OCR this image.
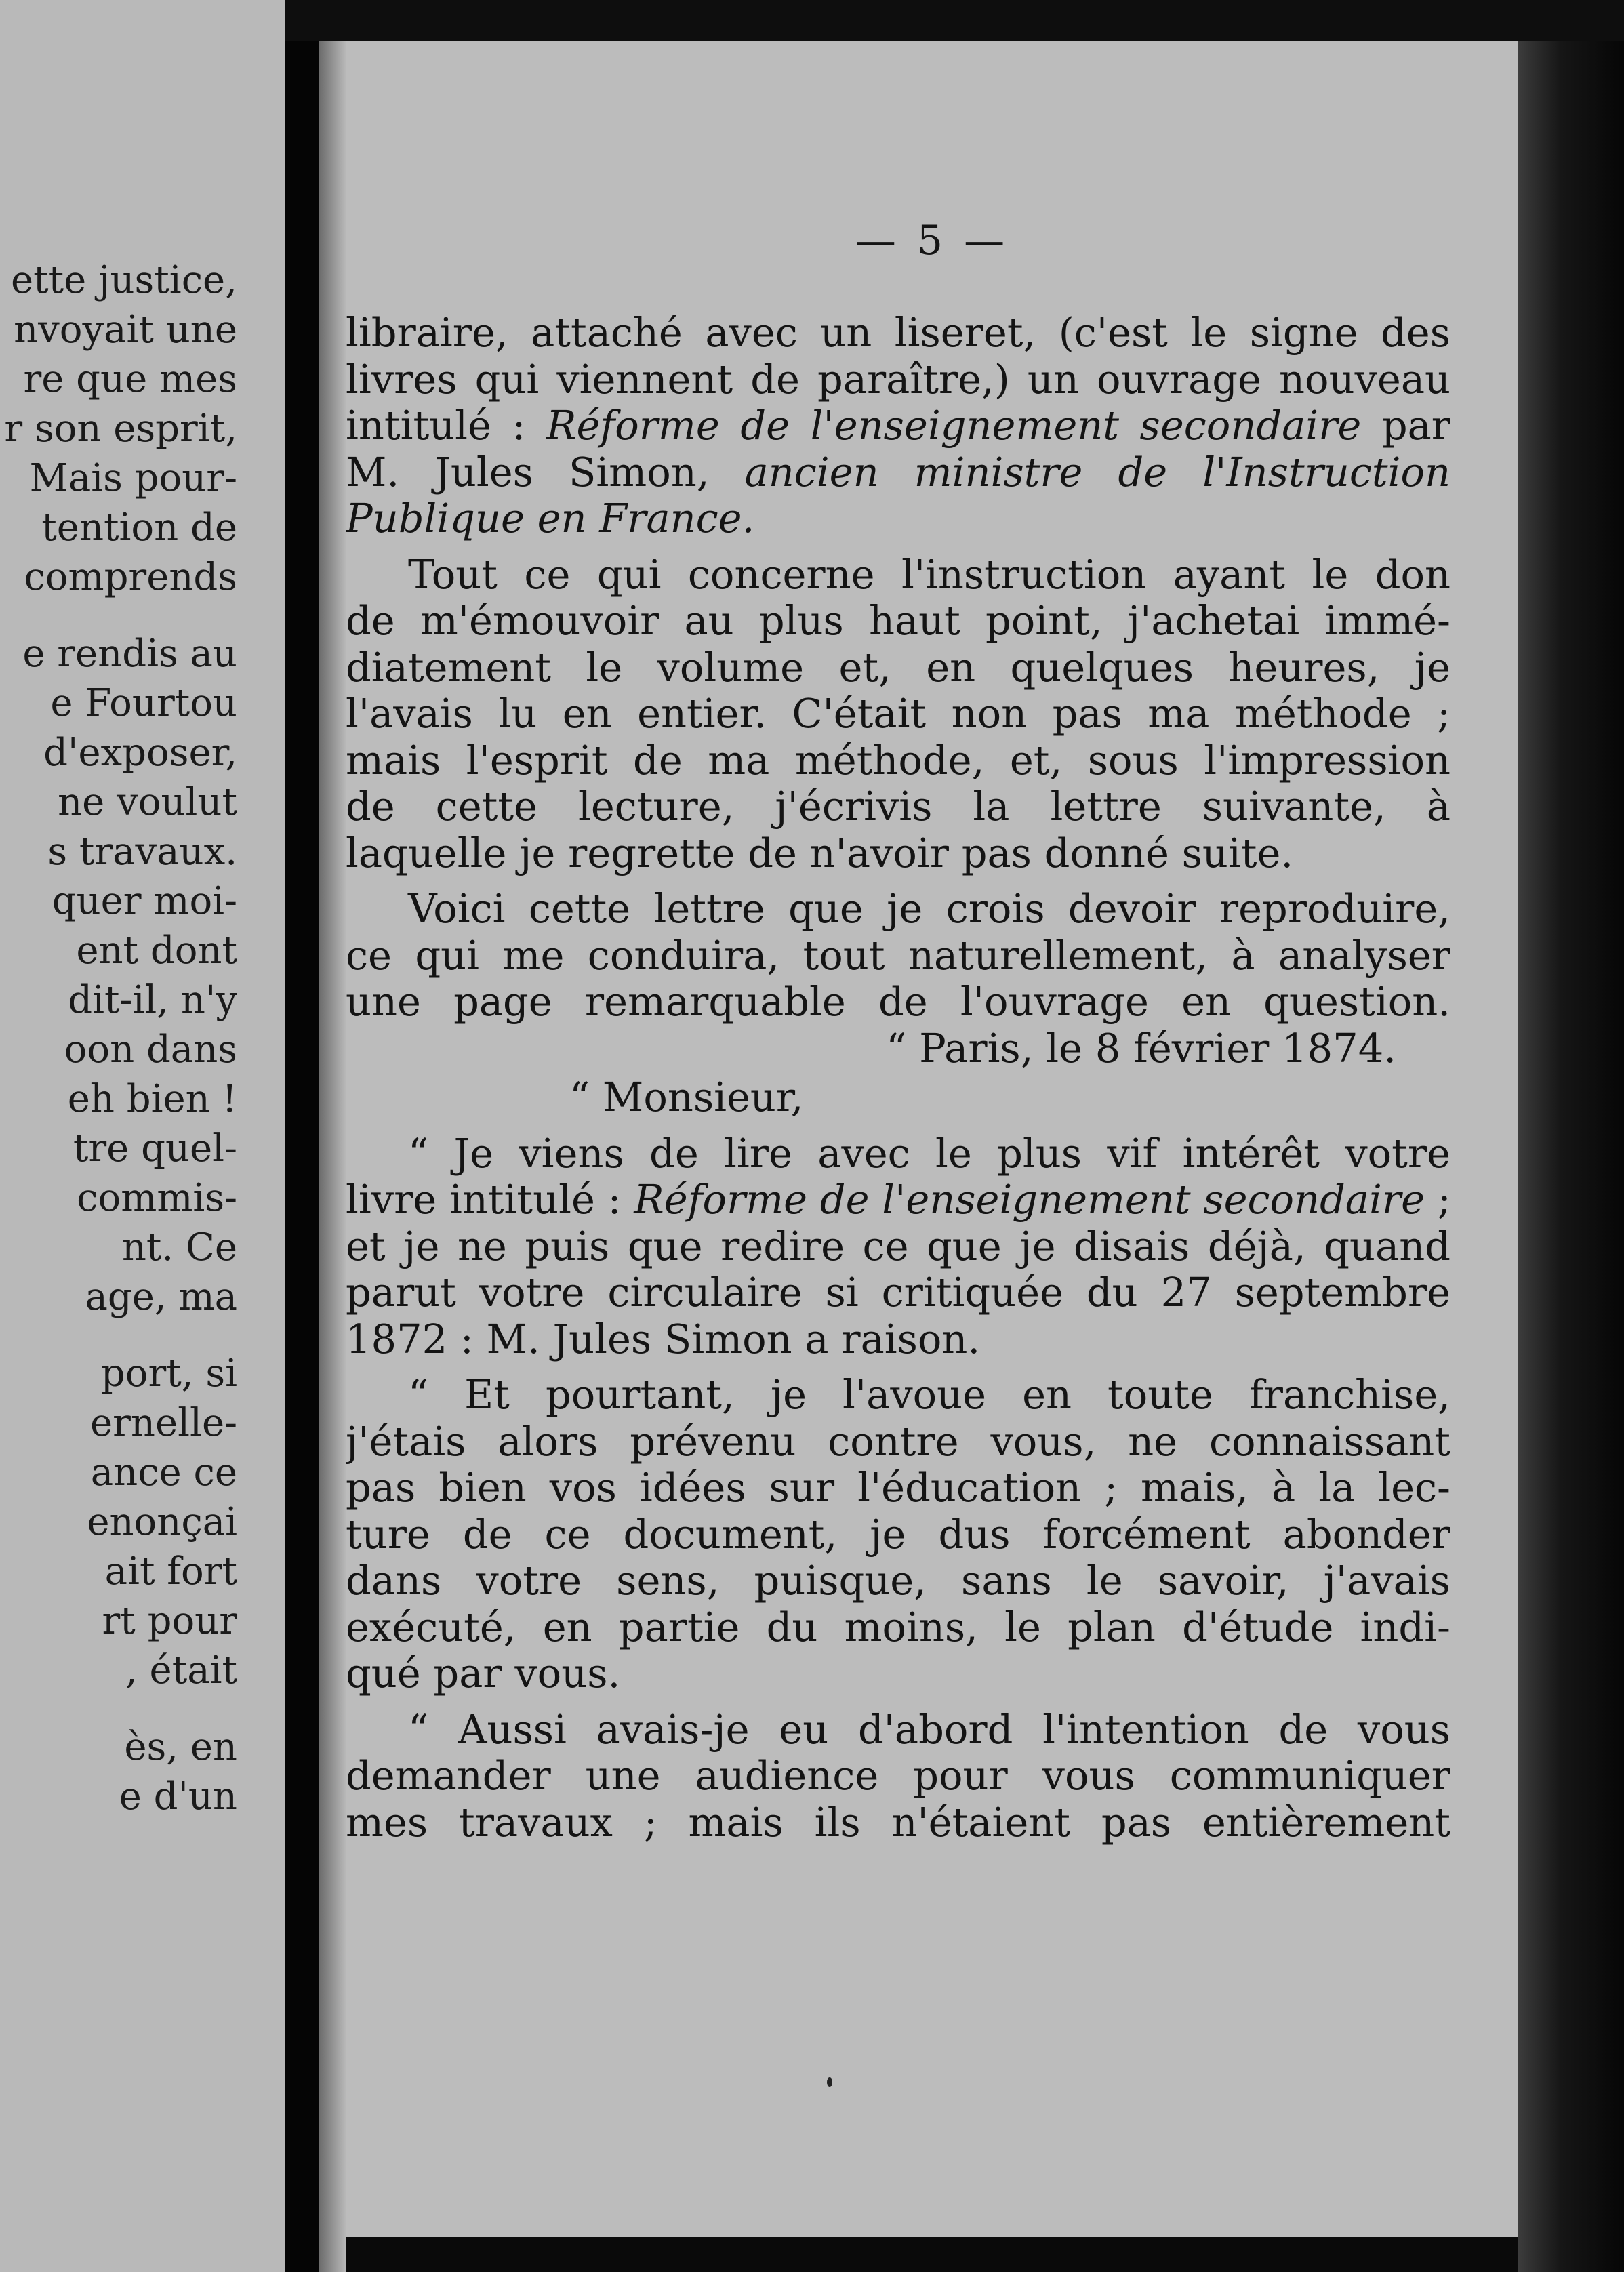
ette justice,
nvoyait une
re que mes
r son esprit,
Mais pour-
tention de
comprends
e rendis au
e Fourtou
d'exposer,
ne voulut
s travaux.
quer moi-
ent dont
dit-il, n'y
oon dans
eh bien !
tre quel-
commis-
nt. Ce
age, ma
port, si
ernelle-
ance ce
enonçai
ait fort
rt pour
, était
ès, en
e d'un
— 5 —
libraire, attaché avec un liseret, (c'est le signe des
livres qui viennent de paraître,) un ouvrage nouveau
intitulé : Réforme de l'enseignement secondaire par
M. Jules Simon, ancien ministre de l'Instruction
Publique en France.
Tout ce qui concerne l'instruction ayant le don
de m'émouvoir au plus haut point, j'achetai immé-
diatement le volume et, en quelques heures, je
l'avais lu en entier. C'était non pas ma méthode ;
mais l'esprit de ma méthode, et, sous l'impression
de cette lecture, j'écrivis la lettre suivante, à
laquelle je regrette de n'avoir pas donné suite.
Voici cette lettre que je crois devoir reproduire,
ce qui me conduira, tout naturellement, à analyser
une page remarquable de l'ouvrage en question.
“ Paris, le 8 février 1874.
“ Monsieur,
“ Je viens de lire avec le plus vif intérêt votre
livre intitulé : Réforme de l'enseignement secondaire ;
et je ne puis que redire ce que je disais déjà, quand
parut votre circulaire si critiquée du 27 septembre
1872 : M. Jules Simon a raison.
“ Et pourtant, je l'avoue en toute franchise,
j'étais alors prévenu contre vous, ne connaissant
pas bien vos idées sur l'éducation ; mais, à la lec-
ture de ce document, je dus forcément abonder
dans votre sens, puisque, sans le savoir, j'avais
exécuté, en partie du moins, le plan d'étude indi-
qué par vous.
“ Aussi avais-je eu d'abord l'intention de vous
demander une audience pour vous communiquer
mes travaux ; mais ils n'étaient pas entièrement
